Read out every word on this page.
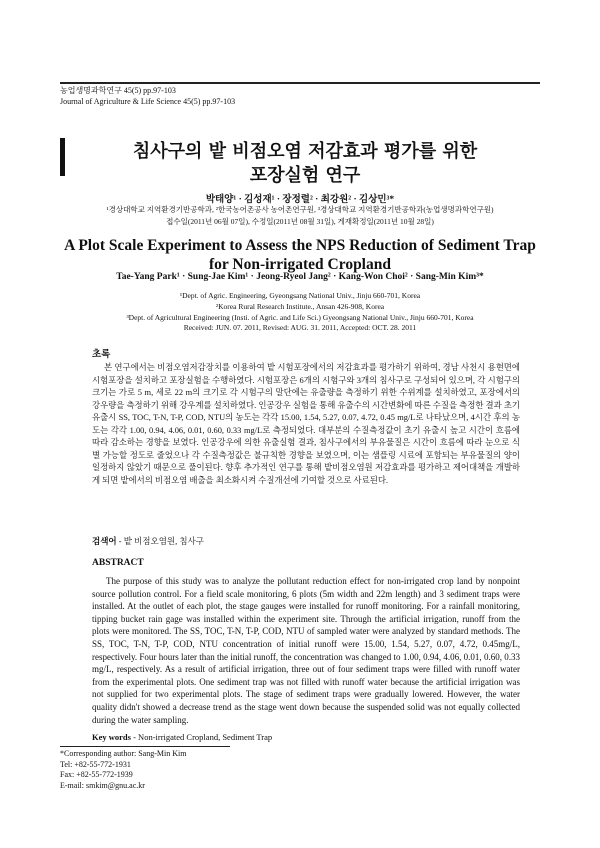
농업생명과학연구 45(5) pp.97-103
Journal of Agriculture & Life Science 45(5) pp.97-103
침사구의 밭 비점오염 저감효과 평가를 위한
포장실험 연구
박태양¹ · 김성재¹ · 장정렬² · 최강원² · 김상민³*
¹경상대학교 지역환경기반공학과, ²한국농어촌공사 농어촌연구원, ³경상대학교 지역환경기반공학과(농업생명과학연구원)
접수일(2011년 06월 07일), 수정일(2011년 08월 31일), 게재확정일(2011년 10월 28일)
A Plot Scale Experiment to Assess the NPS Reduction of Sediment Trap
for Non-irrigated Cropland
Tae-Yang Park¹ · Sung-Jae Kim¹ · Jeong-Ryeol Jang² · Kang-Won Choi² · Sang-Min Kim³*
¹Dept. of Agric. Engineering, Gyeongsang National Univ., Jinju 660-701, Korea
²Korea Rural Research Institute., Ansan 426-908, Korea
³Dept. of Agricultural Engineering (Insti. of Agric. and Life Sci.) Gyeongsang National Univ., Jinju 660-701, Korea
Received: JUN. 07. 2011, Revised: AUG. 31. 2011, Accepted: OCT. 28. 2011
초록
본 연구에서는 비점오염저감장치를 이용하여 밭 시험포장에서의 저감효과를 평가하기 위하여, 경남 사천시 용현면에 시험포장을 설치하고 포장실험을 수행하였다. 시험포장은 6개의 시험구와 3개의 침사구로 구성되어 있으며, 각 시험구의 크기는 가로 5 m, 세로 22 m의 크기로 각 시험구의 말단에는 유출량을 측정하기 위한 수위계를 설치하였고, 포장에서의 강우량을 측정하기 위해 강우계를 설치하였다. 인공강우 실험을 통해 유출수의 시간변화에 따른 수질을 측정한 결과 초기 유출시 SS, TOC, T-N, T-P, COD, NTU의 농도는 각각 15.00, 1.54, 5.27, 0.07, 4.72, 0.45 mg/L로 나타났으며, 4시간 후의 농도는 각각 1.00, 0.94, 4.06, 0.01, 0.60, 0.33 mg/L로 측정되었다. 대부분의 수질측정값이 초기 유출시 높고 시간이 흐름에 따라 감소하는 경향을 보였다. 인공강우에 의한 유출실험 결과, 침사구에서의 부유물질은 시간이 흐름에 따라 눈으로 식별 가능할 정도로 줄었으나 각 수질측정값은 불규칙한 경향을 보였으며, 이는 샘플링 시료에 포함되는 부유물질의 양이 일정하지 않았기 때문으로 풀이된다. 향후 추가적인 연구를 통해 밭비점오염원 저감효과를 평가하고 제어대책을 개발하게 되면 밭에서의 비점오염 배출을 최소화시켜 수질개선에 기여할 것으로 사료된다.
검색어 - 밭 비점오염원, 침사구
ABSTRACT
The purpose of this study was to analyze the pollutant reduction effect for non-irrigated crop land by nonpoint source pollution control. For a field scale monitoring, 6 plots (5m width and 22m length) and 3 sediment traps were installed. At the outlet of each plot, the stage gauges were installed for runoff monitoring. For a rainfall monitoring, tipping bucket rain gage was installed within the experiment site. Through the artificial irrigation, runoff from the plots were monitored. The SS, TOC, T-N, T-P, COD, NTU of sampled water were analyzed by standard methods. The SS, TOC, T-N, T-P, COD, NTU concentration of initial runoff were 15.00, 1.54, 5.27, 0.07, 4.72, 0.45mg/L, respectively. Four hours later than the initial runoff, the concentration was changed to 1.00, 0.94, 4.06, 0.01, 0.60, 0.33 mg/L, respectively. As a result of artificial irrigation, three out of four sediment traps were filled with runoff water from the experimental plots. One sediment trap was not filled with runoff water because the artificial irrigation was not supplied for two experimental plots. The stage of sediment traps were gradually lowered. However, the water quality didn't showed a decrease trend as the stage went down because the suspended solid was not equally collected during the water sampling.
Key words - Non-irrigated Cropland, Sediment Trap
*Corresponding author: Sang-Min Kim
Tel: +82-55-772-1931
Fax: +82-55-772-1939
E-mail: smkim@gnu.ac.kr
